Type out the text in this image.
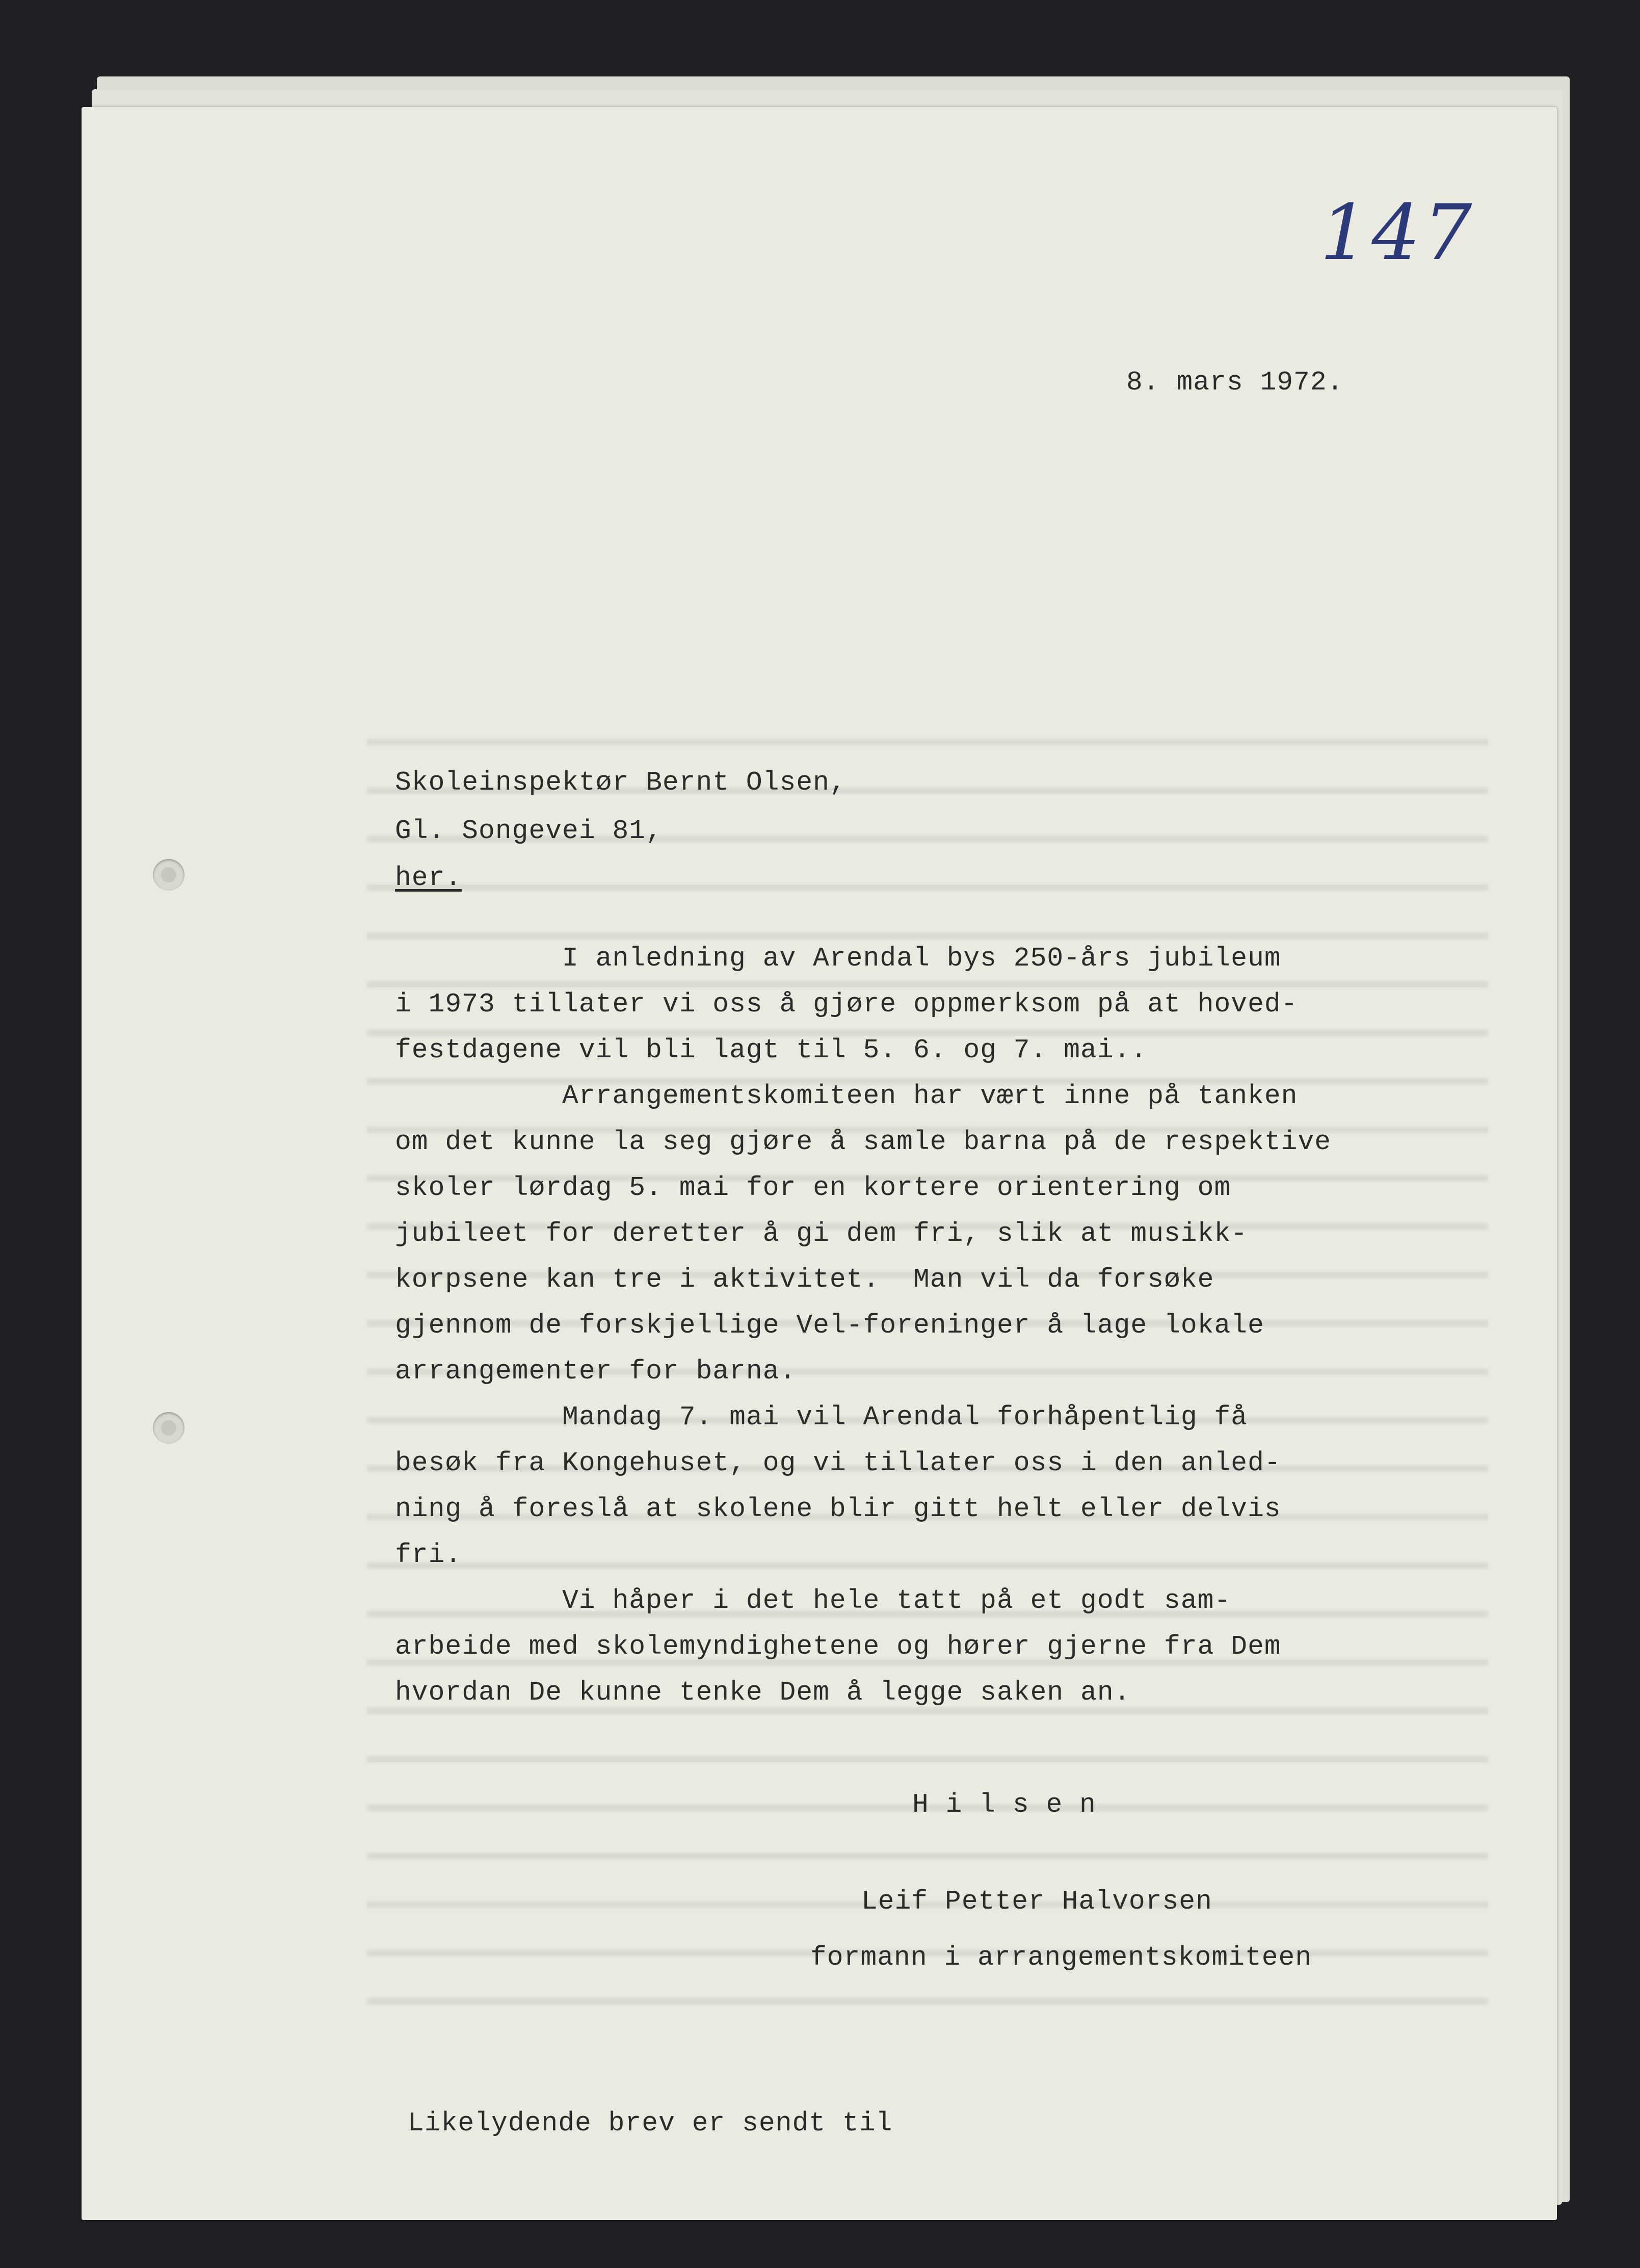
147
8. mars 1972.
Skoleinspektør Bernt Olsen,
Gl. Songevei 81,
her.
I anledning av Arendal bys 250-års jubileum
i 1973 tillater vi oss å gjøre oppmerksom på at hoved-
festdagene vil bli lagt til 5. 6. og 7. mai..
Arrangementskomiteen har vært inne på tanken
om det kunne la seg gjøre å samle barna på de respektive
skoler lørdag 5. mai for en kortere orientering om
jubileet for deretter å gi dem fri, slik at musikk-
korpsene kan tre i aktivitet.  Man vil da forsøke
gjennom de forskjellige Vel-foreninger å lage lokale
arrangementer for barna.
Mandag 7. mai vil Arendal forhåpentlig få
besøk fra Kongehuset, og vi tillater oss i den anled-
ning å foreslå at skolene blir gitt helt eller delvis
fri.
Vi håper i det hele tatt på et godt sam-
arbeide med skolemyndighetene og hører gjerne fra Dem
hvordan De kunne tenke Dem å legge saken an.
H i l s e n
Leif Petter Halvorsen
formann i arrangementskomiteen
Likelydende brev er sendt til
